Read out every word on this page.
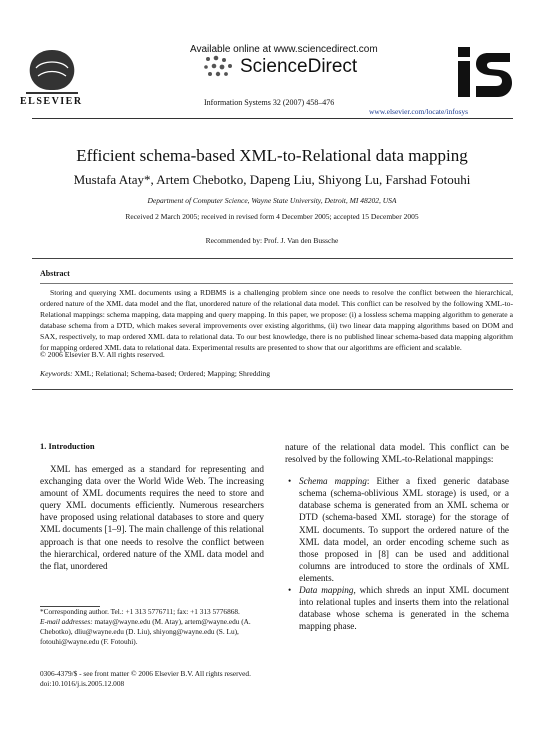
ELSEVIER
Available online at www.sciencedirect.com
ScienceDirect
Information Systems 32 (2007) 458–476
www.elsevier.com/locate/infosys
Efficient schema-based XML-to-Relational data mapping
Mustafa Atay*, Artem Chebotko, Dapeng Liu, Shiyong Lu, Farshad Fotouhi
Department of Computer Science, Wayne State University, Detroit, MI 48202, USA
Received 2 March 2005; received in revised form 4 December 2005; accepted 15 December 2005
Recommended by: Prof. J. Van den Bussche
Abstract

Storing and querying XML documents using a RDBMS is a challenging problem since one needs to resolve the conflict between the hierarchical, ordered nature of the XML data model and the flat, unordered nature of the relational data model. This conflict can be resolved by the following XML-to-Relational mappings: schema mapping, data mapping and query mapping. In this paper, we propose: (i) a lossless schema mapping algorithm to generate a database schema from a DTD, which makes several improvements over existing algorithms, (ii) two linear data mapping algorithms based on DOM and SAX, respectively, to map ordered XML data to relational data. To our best knowledge, there is no published linear schema-based data mapping algorithm for mapping ordered XML data to relational data. Experimental results are presented to show that our algorithms are efficient and scalable.

© 2006 Elsevier B.V. All rights reserved.
Keywords: XML; Relational; Schema-based; Ordered; Mapping; Shredding
1. Introduction

XML has emerged as a standard for representing and exchanging data over the World Wide Web. The increasing amount of XML documents requires the need to store and query XML documents efficiently. Numerous researchers have proposed using relational databases to store and query XML documents [1–9]. The main challenge of this relational approach is that one needs to resolve the conflict between the hierarchical, ordered nature of the XML data model and the flat, unordered

nature of the relational data model. This conflict can be resolved by the following XML-to-Relational mappings:

• Schema mapping: Either a fixed generic database schema (schema-oblivious XML storage) is used, or a database schema is generated from an XML schema or DTD (schema-based XML storage) for the storage of XML documents. To support the ordered nature of the XML data model, an order encoding scheme such as those proposed in [8] can be used and additional columns are introduced to store the ordinals of XML elements.
• Data mapping, which shreds an input XML document into relational tuples and inserts them into the relational database whose schema is generated in the schema mapping phase.
*Corresponding author. Tel.: +1 313 5776711; fax: +1 313 5776868.
E-mail addresses: matay@wayne.edu (M. Atay), artem@wayne.edu (A. Chebotko), dliu@wayne.edu (D. Liu), shiyong@wayne.edu (S. Lu), fotouhi@wayne.edu (F. Fotouhi).
0306-4379/$ - see front matter © 2006 Elsevier B.V. All rights reserved.
doi:10.1016/j.is.2005.12.008
